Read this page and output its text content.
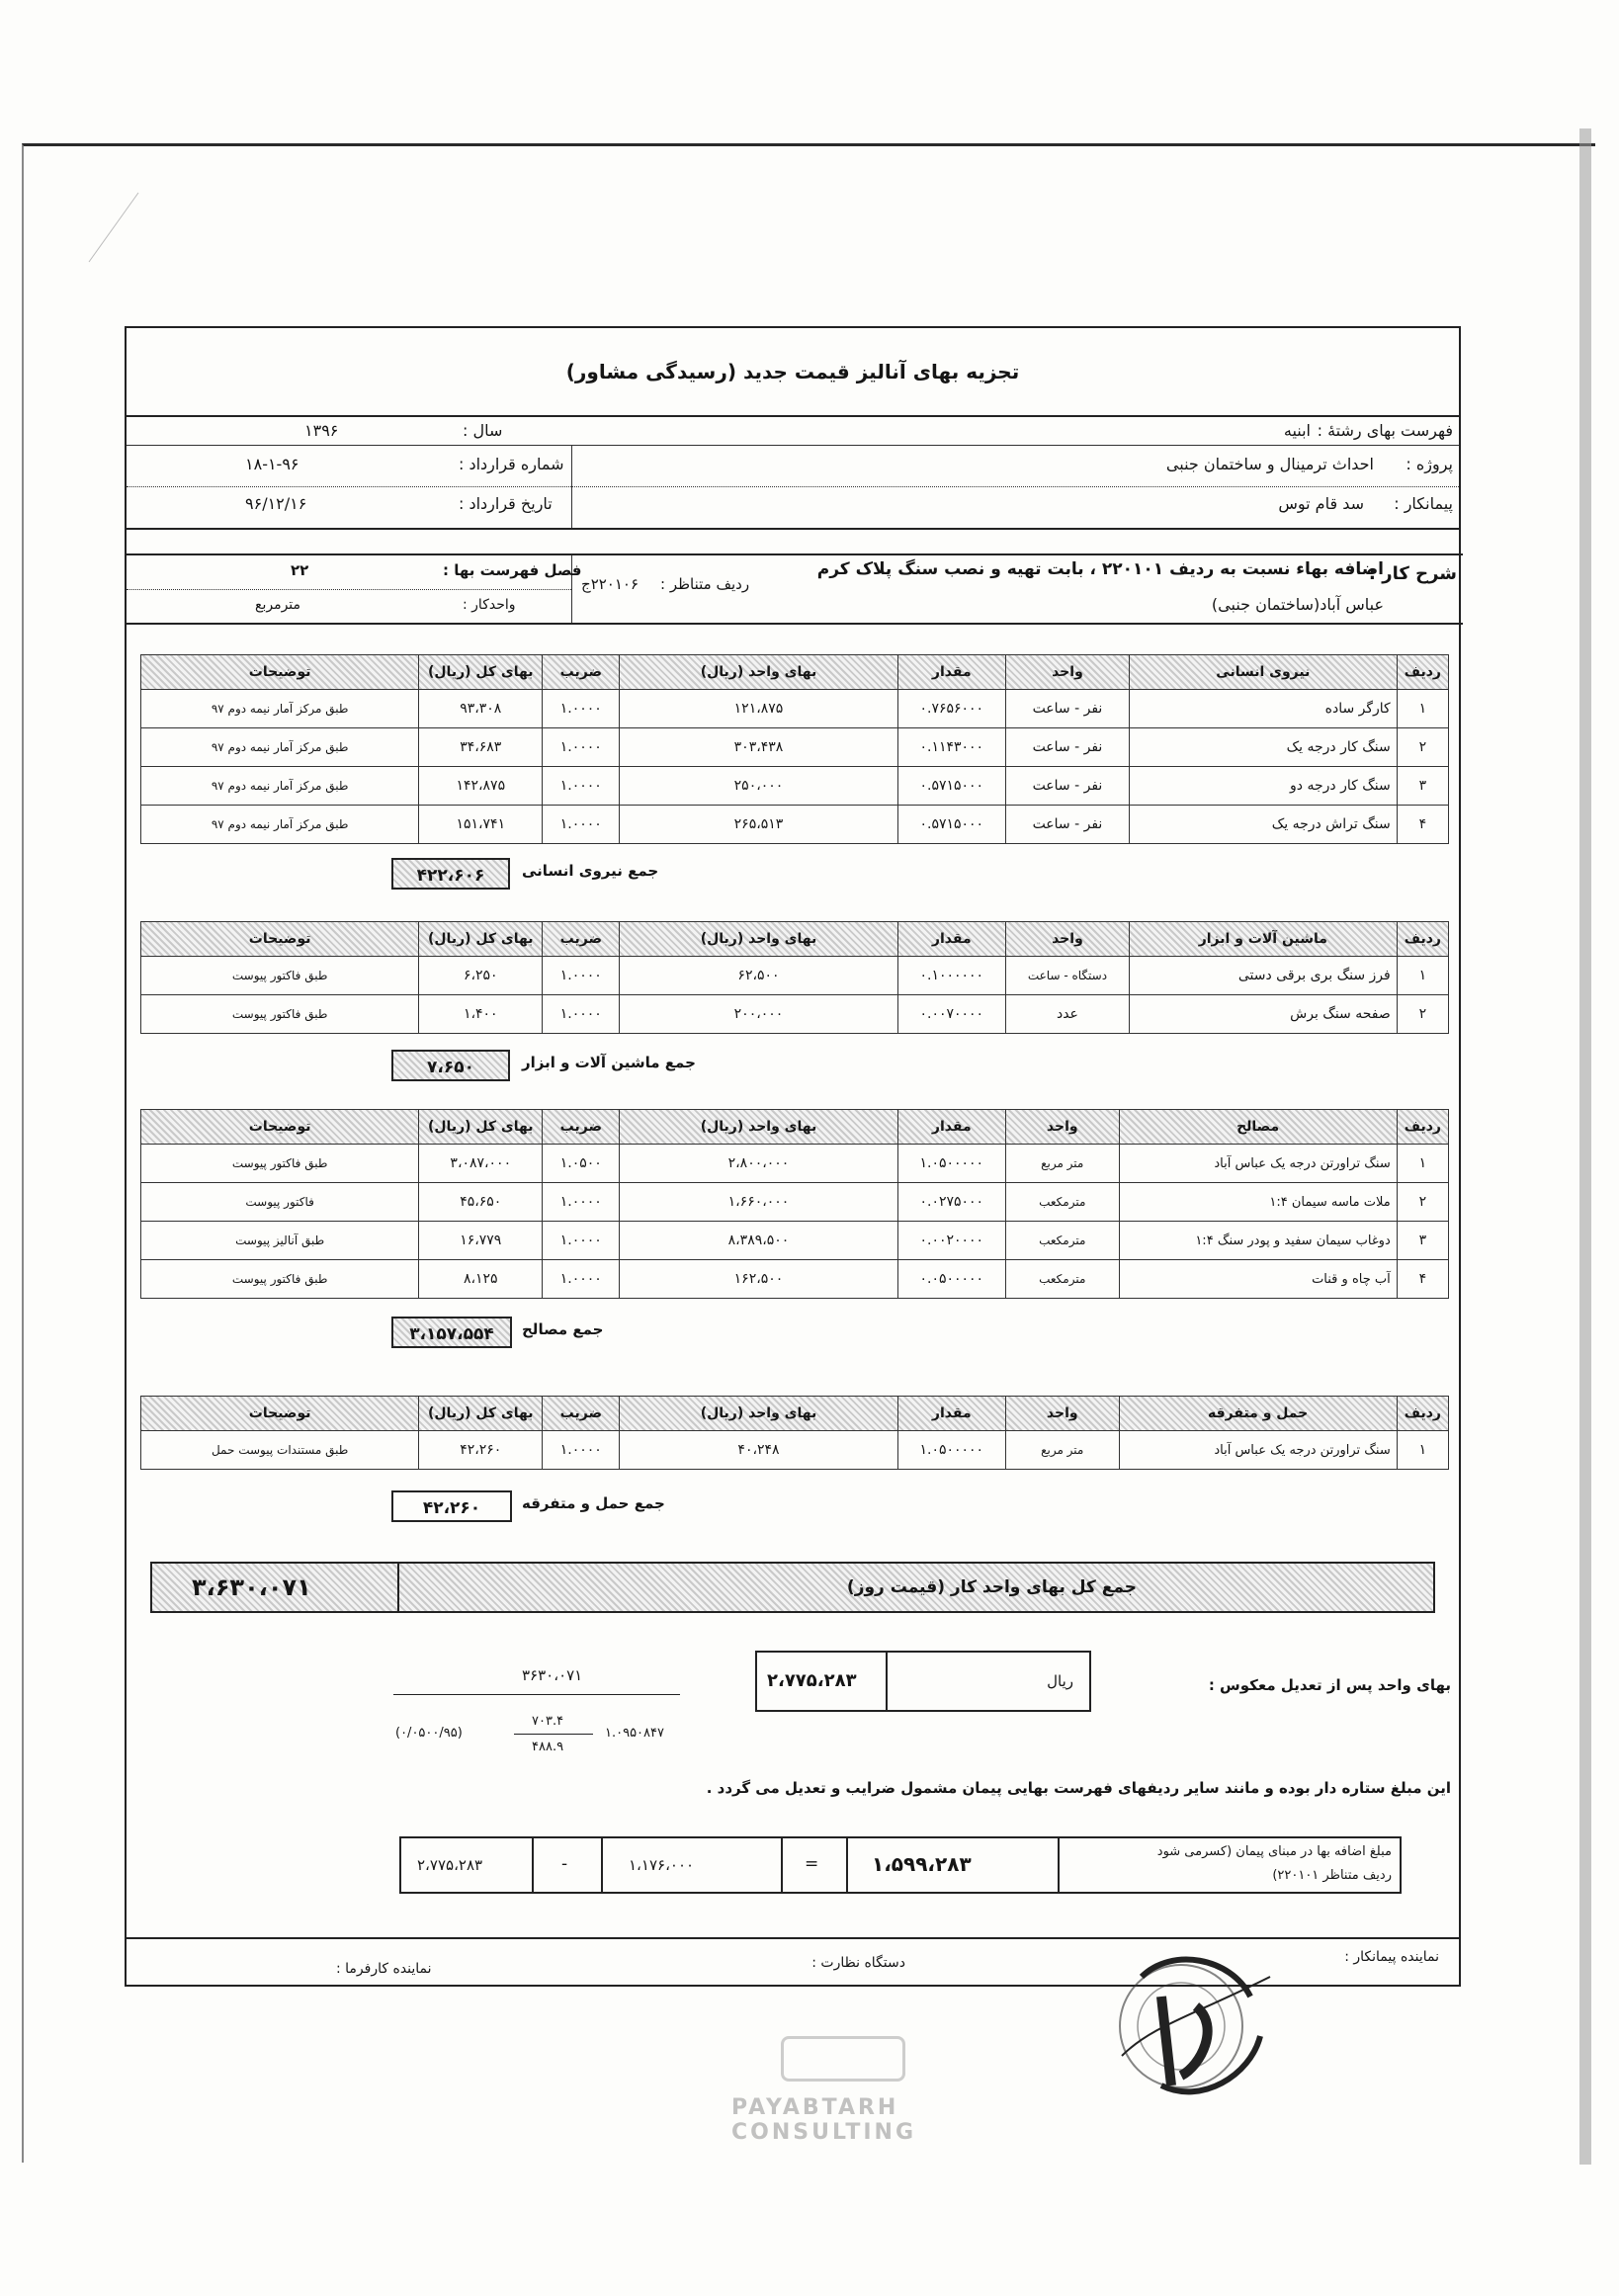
تجزیه بهای آنالیز قیمت جدید (رسیدگی مشاور)
فهرست بهای رشتهٔ :
ابنیه
پروژه :
احداث ترمینال و ساختمان جنبی
پیمانکار :
سد قام توس
سال :
۱۳۹۶
شماره قرارداد :
۱۸-۱-۹۶
تاریخ قرارداد :
۹۶/۱۲/۱۶
شرح کار :
اضافه بهاء نسبت به ردیف ۲۲۰۱۰۱ ، بابت تهیه و نصب سنگ پلاک کرم
عباس آباد(ساختمان جنبی)
ردیف متناظر :
۲۲۰۱۰۶ج
فصل فهرست بها :
۲۲
واحدکار :
مترمربع
ردیف	نیروی انسانی	واحد	مقدار	بهای واحد (ریال)	ضریب	بهای کل (ریال)	توضیحات
۱	کارگر ساده	نفر - ساعت	۰.۷۶۵۶۰۰۰	۱۲۱،۸۷۵	۱.۰۰۰۰	۹۳،۳۰۸	طبق مرکز آمار نیمه دوم ۹۷
۲	سنگ کار درجه یک	نفر - ساعت	۰.۱۱۴۳۰۰۰	۳۰۳،۴۳۸	۱.۰۰۰۰	۳۴،۶۸۳	طبق مرکز آمار نیمه دوم ۹۷
۳	سنگ کار درجه دو	نفر - ساعت	۰.۵۷۱۵۰۰۰	۲۵۰،۰۰۰	۱.۰۰۰۰	۱۴۲،۸۷۵	طبق مرکز آمار نیمه دوم ۹۷
۴	سنگ تراش درجه یک	نفر - ساعت	۰.۵۷۱۵۰۰۰	۲۶۵،۵۱۳	۱.۰۰۰۰	۱۵۱،۷۴۱	طبق مرکز آمار نیمه دوم ۹۷
۴۲۲،۶۰۶	جمع نیروی انسانی
ردیف	ماشین آلات و ابزار	واحد	مقدار	بهای واحد (ریال)	ضریب	بهای کل (ریال)	توضیحات
۱	فرز سنگ بری برقی دستی	دستگاه - ساعت	۰.۱۰۰۰۰۰۰	۶۲،۵۰۰	۱.۰۰۰۰	۶،۲۵۰	طبق فاکتور پیوست
۲	صفحه سنگ برش	عدد	۰.۰۰۷۰۰۰۰	۲۰۰،۰۰۰	۱.۰۰۰۰	۱،۴۰۰	طبق فاکتور پیوست
۷،۶۵۰	جمع ماشین آلات و ابزار
ردیف	مصالح	واحد	مقدار	بهای واحد (ریال)	ضریب	بهای کل (ریال)	توضیحات
۱	سنگ تراورتن درجه یک عباس آباد	متر مربع	۱.۰۵۰۰۰۰۰	۲،۸۰۰،۰۰۰	۱.۰۵۰۰	۳،۰۸۷،۰۰۰	طبق فاکتور پیوست
۲	ملات ماسه سیمان ۱:۴	مترمکعب	۰.۰۲۷۵۰۰۰	۱،۶۶۰،۰۰۰	۱.۰۰۰۰	۴۵،۶۵۰	فاکتور پیوست
۳	دوغاب سیمان سفید و پودر سنگ ۱:۴	مترمکعب	۰.۰۰۲۰۰۰۰	۸،۳۸۹،۵۰۰	۱.۰۰۰۰	۱۶،۷۷۹	طبق آنالیز پیوست
۴	آب چاه و قنات	مترمکعب	۰.۰۵۰۰۰۰۰	۱۶۲،۵۰۰	۱.۰۰۰۰	۸،۱۲۵	طبق فاکتور پیوست
۳،۱۵۷،۵۵۴	جمع مصالح
ردیف	حمل و متفرقه	واحد	مقدار	بهای واحد (ریال)	ضریب	بهای کل (ریال)	توضیحات
۱	سنگ تراورتن درجه یک عباس آباد	متر مربع	۱.۰۵۰۰۰۰۰	۴۰،۲۴۸	۱.۰۰۰۰	۴۲،۲۶۰	طبق مستندات پیوست حمل
۴۲،۲۶۰	جمع حمل و متفرقه
جمع کل بهای واحد کار (قیمت روز)
۳،۶۳۰،۰۷۱
بهای واحد پس از تعدیل معکوس :
ریال
۲،۷۷۵،۲۸۳
۳۶۳۰،۰۷۱
۷۰۳.۴
۴۸۸.۹
(۰/۰۵۰۰/۹۵)	۱.۰۹۵۰۸۴۷
این مبلغ ستاره دار بوده و مانند سایر ردیفهای فهرست بهایی پیمان مشمول ضرایب و تعدیل می گردد .
مبلغ اضافه بها در مبنای پیمان (کسرمی شود
ردیف متناظر ۲۲۰۱۰۱)
۱،۵۹۹،۲۸۳
=
۱،۱۷۶،۰۰۰
-
۲،۷۷۵،۲۸۳
نماینده پیمانکار :
دستگاه نظارت :
نماینده کارفرما :
PAYABTARH CONSULTING
